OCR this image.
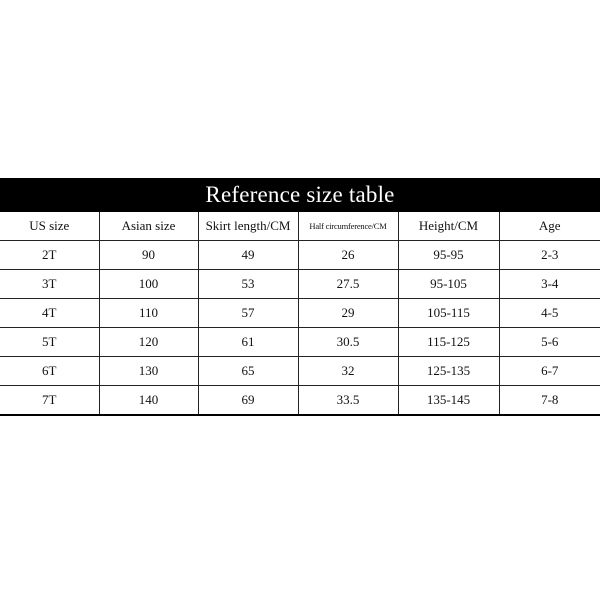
Reference size table
US size	Asian size	Skirt length/CM	Half circumference/CM	Height/CM	Age
2T	90	49	26	95-95	2-3
3T	100	53	27.5	95-105	3-4
4T	110	57	29	105-115	4-5
5T	120	61	30.5	115-125	5-6
6T	130	65	32	125-135	6-7
7T	140	69	33.5	135-145	7-8
